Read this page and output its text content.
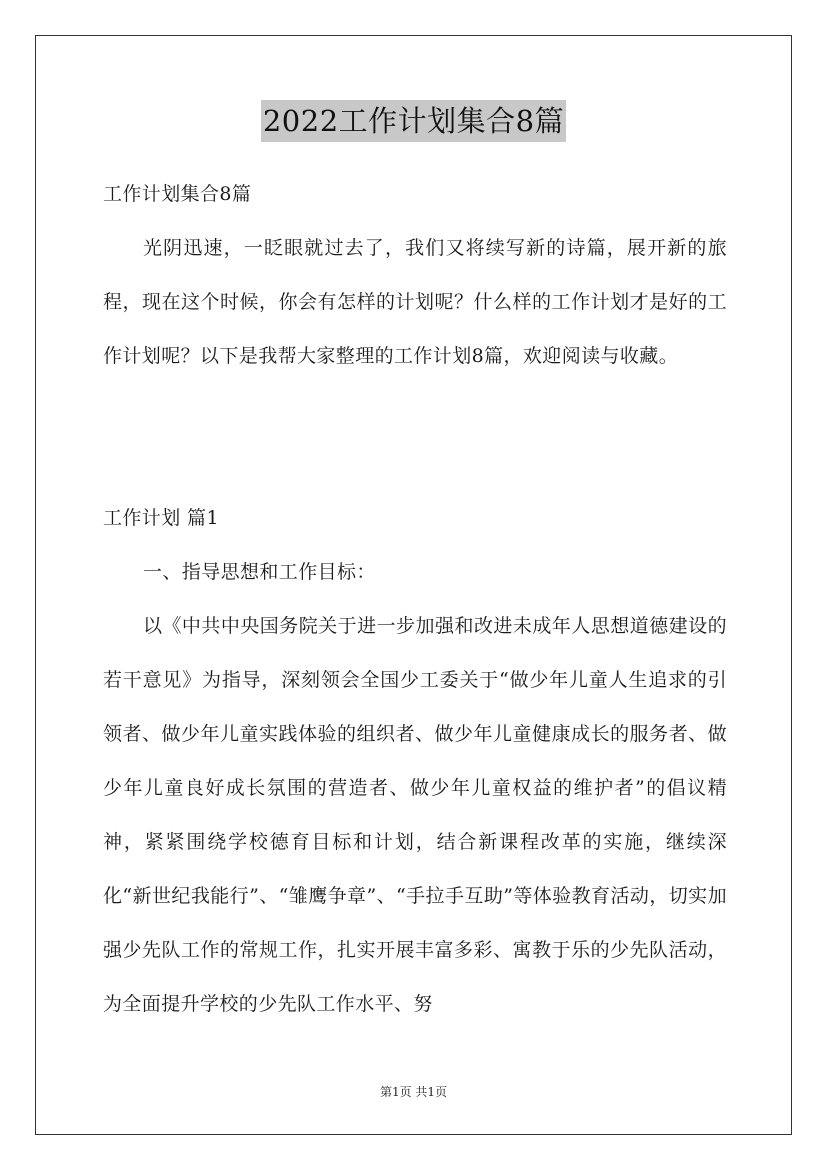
2022工作计划集合8篇

工作计划集合8篇

光阴迅速，一眨眼就过去了，我们又将续写新的诗篇，展开新的旅程，现在这个时候，你会有怎样的计划呢？什么样的工作计划才是好的工作计划呢？以下是我帮大家整理的工作计划8篇，欢迎阅读与收藏。

工作计划 篇1

一、指导思想和工作目标：

以《中共中央国务院关于进一步加强和改进未成年人思想道德建设的若干意见》为指导，深刻领会全国少工委关于“做少年儿童人生追求的引领者、做少年儿童实践体验的组织者、做少年儿童健康成长的服务者、做少年儿童良好成长氛围的营造者、做少年儿童权益的维护者”的倡议精神，紧紧围绕学校德育目标和计划，结合新课程改革的实施，继续深化“新世纪我能行”、“雏鹰争章”、“手拉手互助”等体验教育活动，切实加强少先队工作的常规工作，扎实开展丰富多彩、寓教于乐的少先队活动，为全面提升学校的少先队工作水平、努

第1页 共1页
